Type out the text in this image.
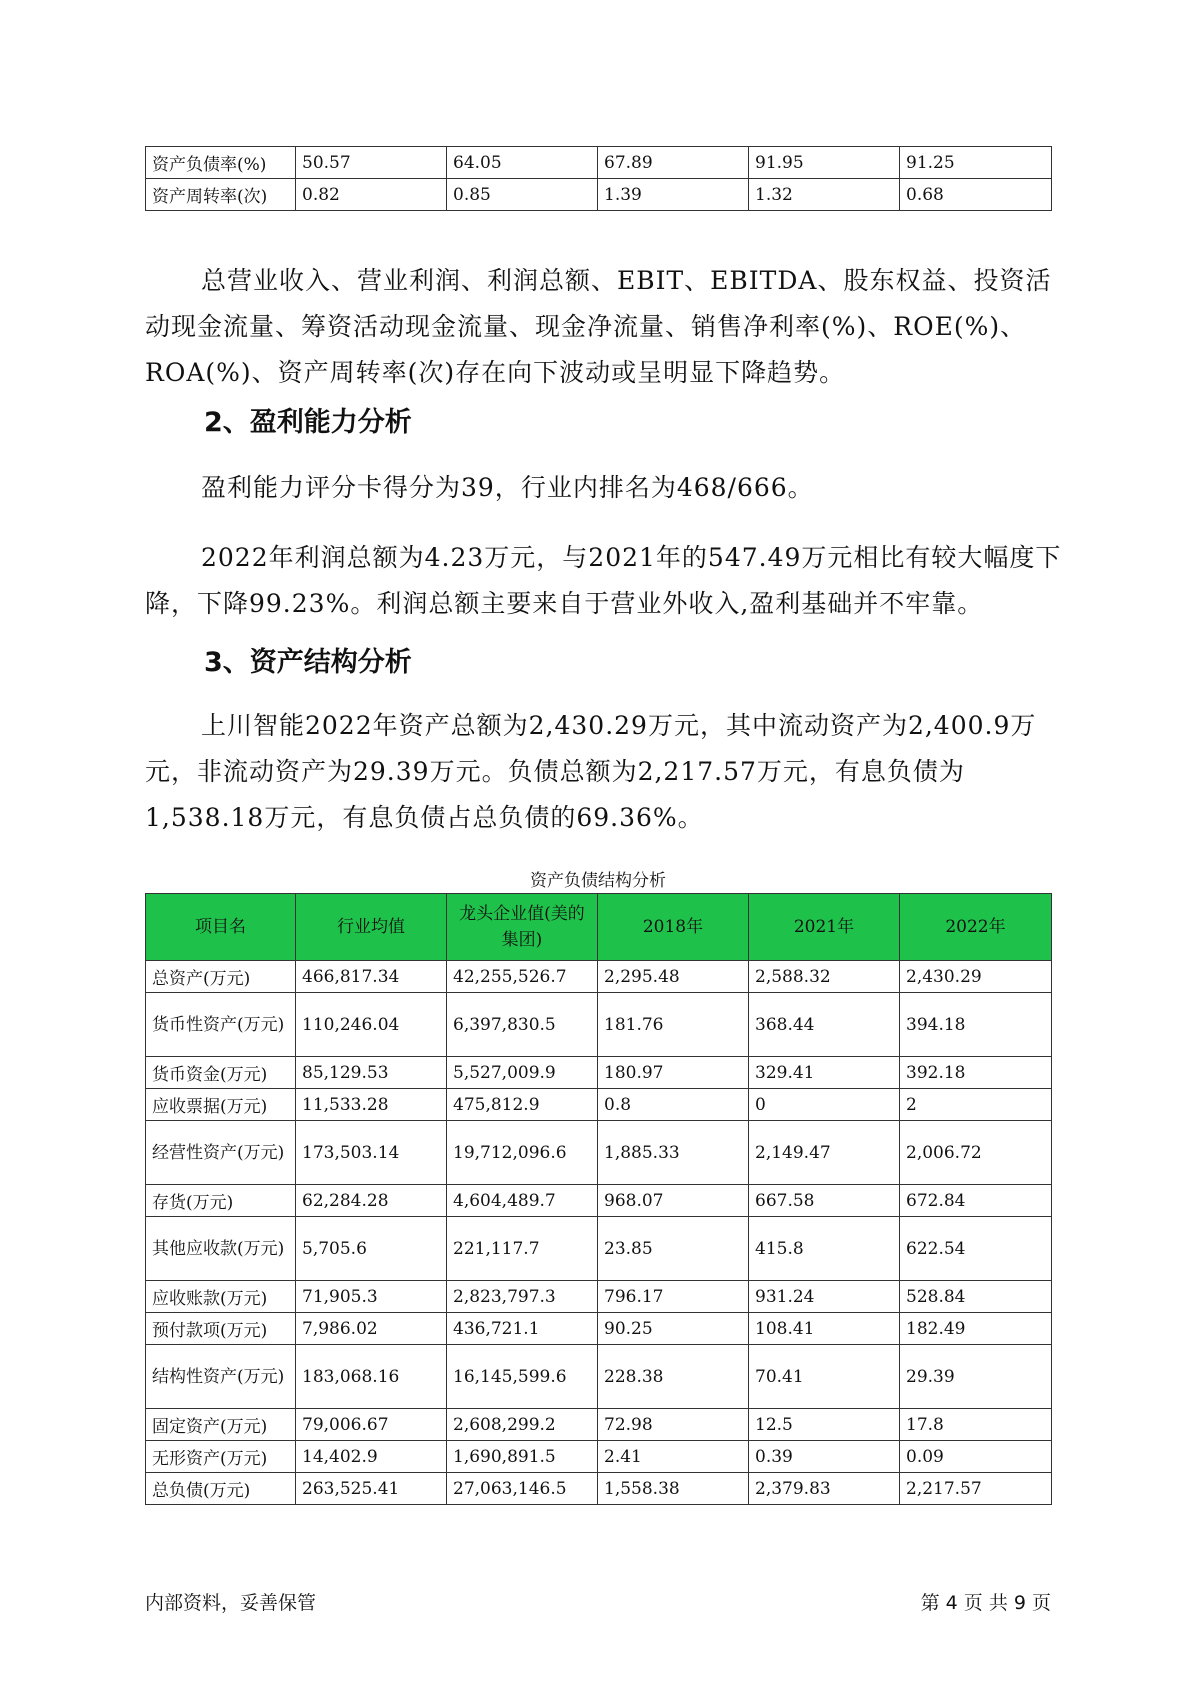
资产负债率(%)	50.57	64.05	67.89	91.95	91.25
资产周转率(次)	0.82	0.85	1.39	1.32	0.68

总营业收入、营业利润、利润总额、EBIT、EBITDA、股东权益、投资活动现金流量、筹资活动现金流量、现金净流量、销售净利率(%)、ROE(%)、ROA(%)、资产周转率(次)存在向下波动或呈明显下降趋势。

2、盈利能力分析

盈利能力评分卡得分为39，行业内排名为468/666。

2022年利润总额为4.23万元，与2021年的547.49万元相比有较大幅度下降，下降99.23%。利润总额主要来自于营业外收入,盈利基础并不牢靠。

3、资产结构分析

上川智能2022年资产总额为2,430.29万元，其中流动资产为2,400.9万元，非流动资产为29.39万元。负债总额为2,217.57万元，有息负债为1,538.18万元，有息负债占总负债的69.36%。

资产负债结构分析
项目名	行业均值	龙头企业值(美的集团)	2018年	2021年	2022年
总资产(万元)	466,817.34	42,255,526.7	2,295.48	2,588.32	2,430.29
货币性资产(万元)	110,246.04	6,397,830.5	181.76	368.44	394.18
货币资金(万元)	85,129.53	5,527,009.9	180.97	329.41	392.18
应收票据(万元)	11,533.28	475,812.9	0.8	0	2
经营性资产(万元)	173,503.14	19,712,096.6	1,885.33	2,149.47	2,006.72
存货(万元)	62,284.28	4,604,489.7	968.07	667.58	672.84
其他应收款(万元)	5,705.6	221,117.7	23.85	415.8	622.54
应收账款(万元)	71,905.3	2,823,797.3	796.17	931.24	528.84
预付款项(万元)	7,986.02	436,721.1	90.25	108.41	182.49
结构性资产(万元)	183,068.16	16,145,599.6	228.38	70.41	29.39
固定资产(万元)	79,006.67	2,608,299.2	72.98	12.5	17.8
无形资产(万元)	14,402.9	1,690,891.5	2.41	0.39	0.09
总负债(万元)	263,525.41	27,063,146.5	1,558.38	2,379.83	2,217.57
内部资料，妥善保管	第 4 页 共 9 页
